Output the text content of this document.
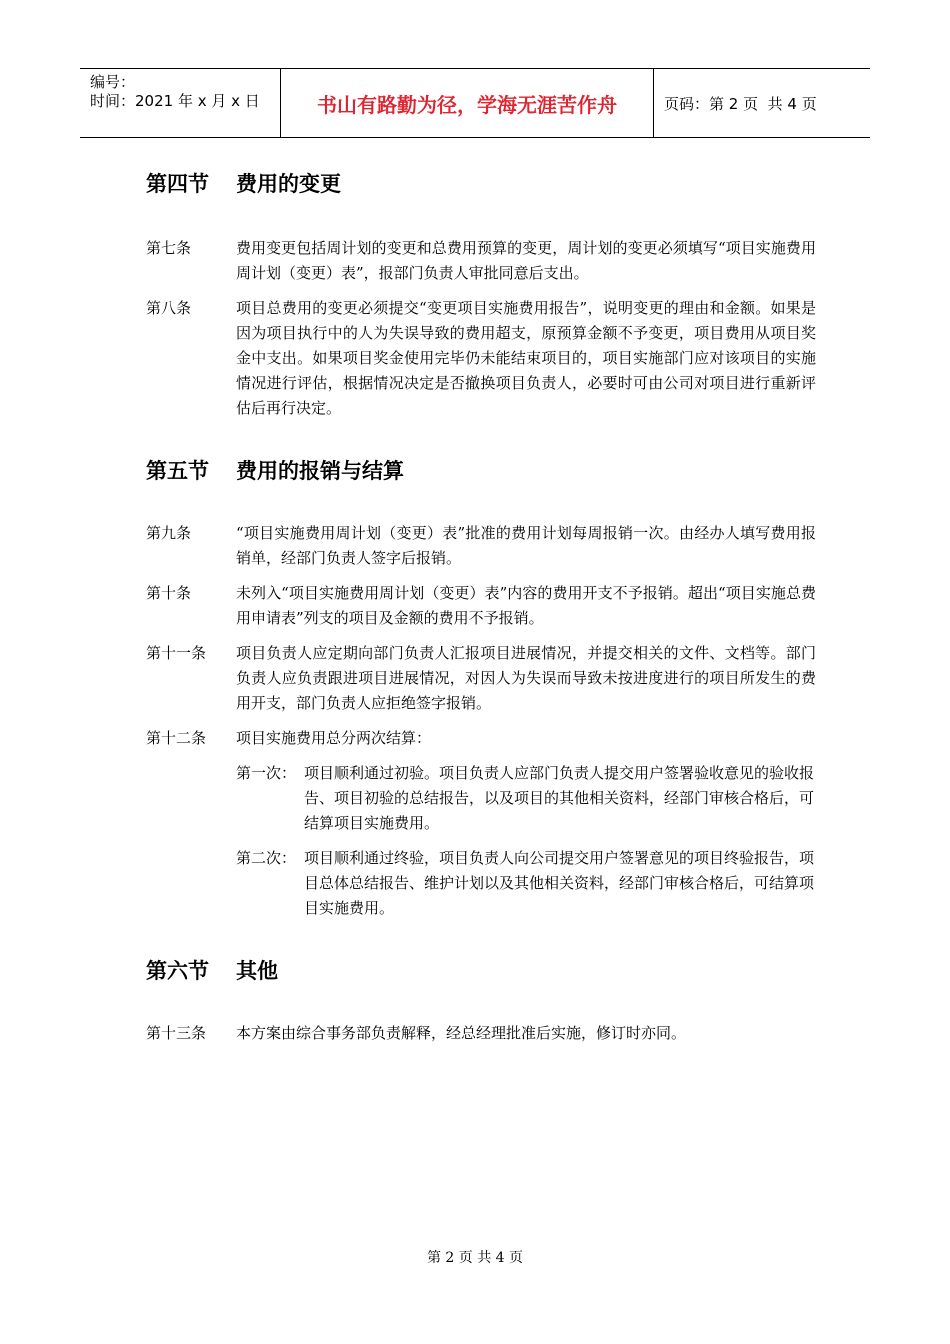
编号：
时间：2021 年 x 月 x 日	书山有路勤为径，学海无涯苦作舟	页码：第 2 页  共 4 页
第四节	费用的变更
第七条	费用变更包括周计划的变更和总费用预算的变更，周计划的变更必须填写“项目实施费用周计划（变更）表”，报部门负责人审批同意后支出。
第八条	项目总费用的变更必须提交“变更项目实施费用报告”，说明变更的理由和金额。如果是因为项目执行中的人为失误导致的费用超支，原预算金额不予变更，项目费用从项目奖金中支出。如果项目奖金使用完毕仍未能结束项目的，项目实施部门应对该项目的实施情况进行评估，根据情况决定是否撤换项目负责人，必要时可由公司对项目进行重新评估后再行决定。
第五节	费用的报销与结算
第九条	“项目实施费用周计划（变更）表”批准的费用计划每周报销一次。由经办人填写费用报销单，经部门负责人签字后报销。
第十条	未列入“项目实施费用周计划（变更）表”内容的费用开支不予报销。超出“项目实施总费用申请表”列支的项目及金额的费用不予报销。
第十一条	项目负责人应定期向部门负责人汇报项目进展情况，并提交相关的文件、文档等。部门负责人应负责跟进项目进展情况，对因人为失误而导致未按进度进行的项目所发生的费用开支，部门负责人应拒绝签字报销。
第十二条	项目实施费用总分两次结算：
第一次： 项目顺利通过初验。项目负责人应部门负责人提交用户签署验收意见的验收报告、项目初验的总结报告，以及项目的其他相关资料，经部门审核合格后，可结算项目实施费用。
第二次： 项目顺利通过终验，项目负责人向公司提交用户签署意见的项目终验报告，项目总体总结报告、维护计划以及其他相关资料，经部门审核合格后，可结算项目实施费用。
第六节	其他
第十三条	本方案由综合事务部负责解释，经总经理批准后实施，修订时亦同。
第 2 页 共 4 页
